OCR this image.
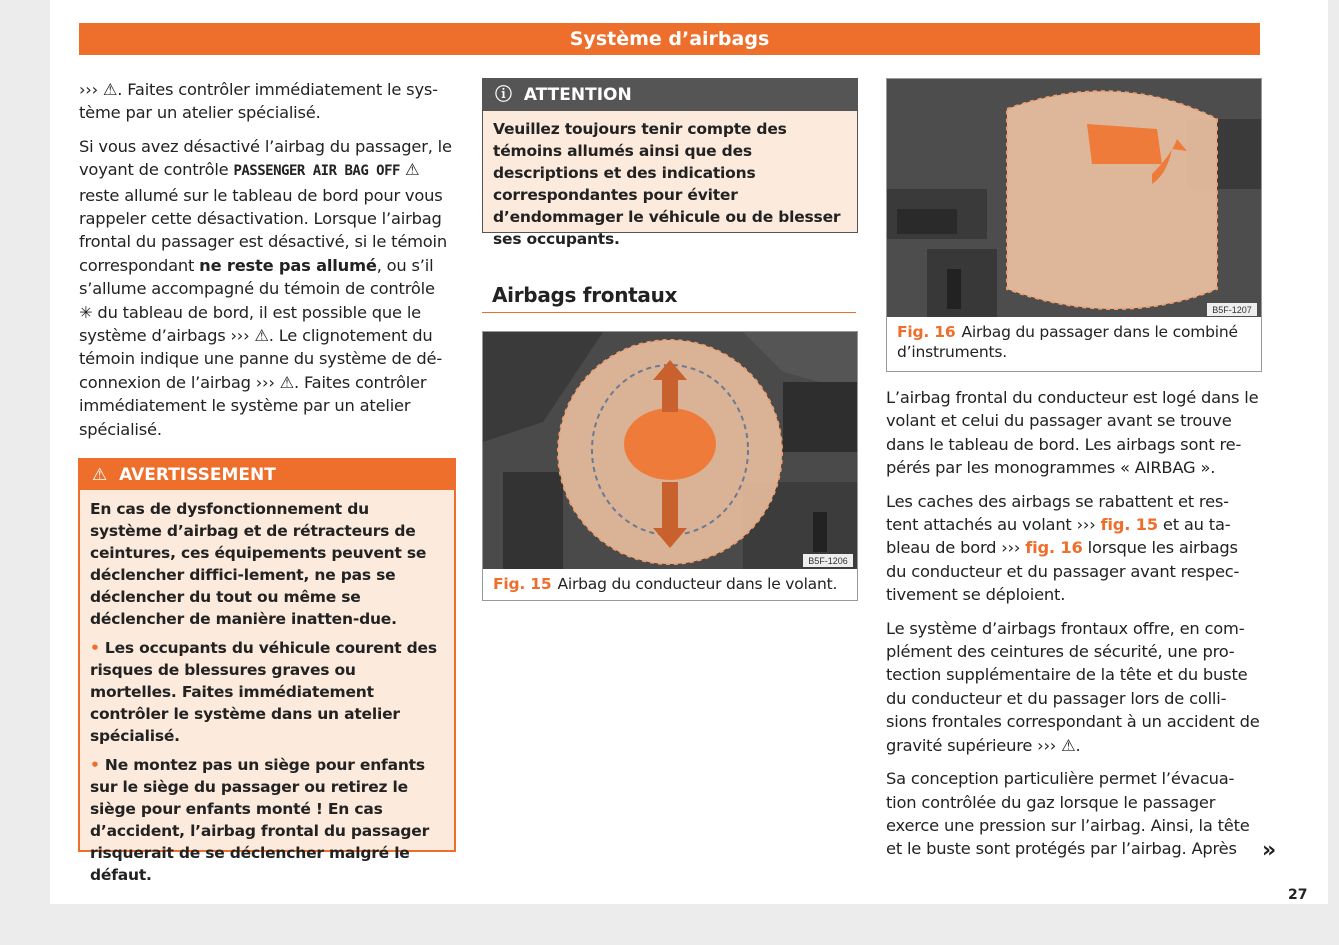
Système d’airbags

››› ⚠. Faites contrôler immédiatement le sys-tème par un atelier spécialisé.

Si vous avez désactivé l’airbag du passager, le voyant de contrôle PASSENGER AIR BAG OFF ⚠ reste allumé sur le tableau de bord pour vous rappeler cette désactivation. Lorsque l’airbag frontal du passager est désactivé, si le témoin correspondant ne reste pas allumé, ou s’il s’allume accompagné du témoin de contrôle
✳ du tableau de bord, il est possible que le système d’airbags ››› ⚠. Le clignotement du témoin indique une panne du système de dé-connexion de l’airbag ››› ⚠. Faites contrôler immédiatement le système par un atelier spécialisé.

⚠ AVERTISSEMENT

En cas de dysfonctionnement du système d’airbag et de rétracteurs de ceintures, ces équipements peuvent se déclencher diffici-lement, ne pas se déclencher du tout ou même se déclencher de manière inatten-due.

• Les occupants du véhicule courent des risques de blessures graves ou mortelles. Faites immédiatement contrôler le système dans un atelier spécialisé.

• Ne montez pas un siège pour enfants sur le siège du passager ou retirez le siège pour enfants monté ! En cas d’accident, l’airbag frontal du passager risquerait de se déclencher malgré le défaut.

ⓘ ATTENTION
Veuillez toujours tenir compte des témoins allumés ainsi que des descriptions et des indications correspondantes pour éviter d’endommager le véhicule ou de blesser ses occupants.
Airbags frontaux
B5F-1206
Fig. 15 Airbag du conducteur dans le volant.
B5F-1207
Fig. 16 Airbag du passager dans le combiné d’instruments.

L’airbag frontal du conducteur est logé dans le volant et celui du passager avant se trouve dans le tableau de bord. Les airbags sont re-pérés par les monogrammes « AIRBAG ».

Les caches des airbags se rabattent et res-tent attachés au volant ››› fig. 15 et au ta-bleau de bord ››› fig. 16 lorsque les airbags du conducteur et du passager avant respec-tivement se déploient.

Le système d’airbags frontaux offre, en com-plément des ceintures de sécurité, une pro-tection supplémentaire de la tête et du buste du conducteur et du passager lors de colli-sions frontales correspondant à un accident de gravité supérieure ››› ⚠.

Sa conception particulière permet l’évacua-tion contrôlée du gaz lorsque le passager exerce une pression sur l’airbag. Ainsi, la tête et le buste sont protégés par l’airbag. Après	»
27
